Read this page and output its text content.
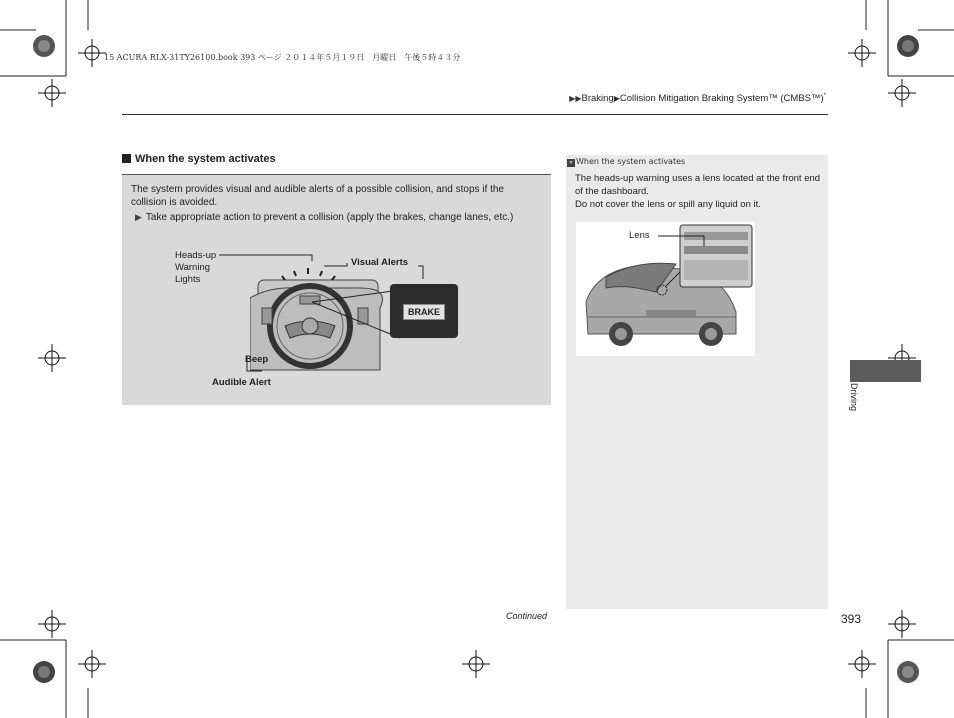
15 ACURA RLX-31TY26100.book 393 ページ ２０１４年５月１９日　月曜日　午後５時４３分
▶▶Braking▶Collision Mitigation Braking System™ (CMBS™)*
When the system activates
The system provides visual and audible alerts of a possible collision, and stops if the collision is avoided.
▶ Take appropriate action to prevent a collision (apply the brakes, change lanes, etc.)
BRAKE
Heads-up
Warning
Lights
Visual Alerts
Beep
Audible Alert
» When the system activates
The heads-up warning uses a lens located at the front end of the dashboard.
Do not cover the lens or spill any liquid on it.
Lens
Driving
Continued	393
